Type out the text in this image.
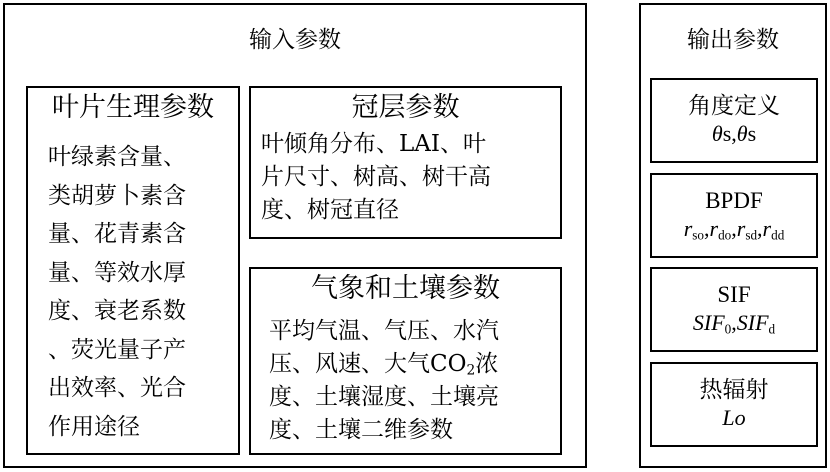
输入参数
叶片生理参数
叶绿素含量、
类胡萝卜素含
量、花青素含
量、等效水厚
度、衰老系数
、荧光量子产
出效率、光合
作用途径
冠层参数
叶倾角分布、LAI、叶
片尺寸、树高、树干高
度、树冠直径
气象和土壤参数
平均气温、气压、水汽
压、风速、大气$CO_2$浓
度、土壤湿度、土壤亮
度、土壤二维参数
输出参数
角度定义
θs,θs
BPDF
$r_{so},r_{do},r_{sd},r_{dd}$
SIF
$SIF_0,SIF_d$
热辐射
Lo
